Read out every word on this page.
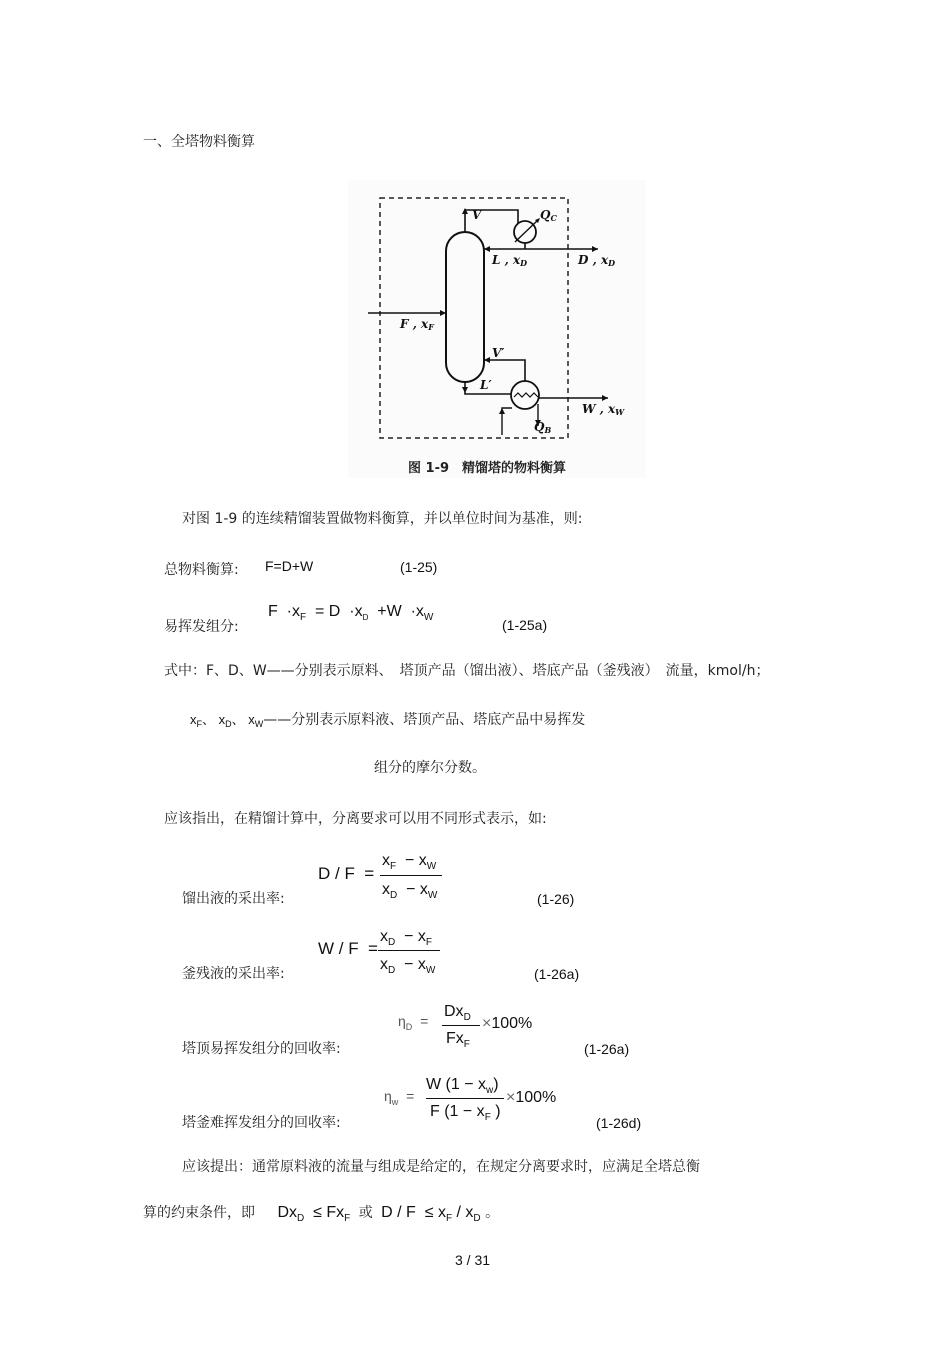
一、全塔物料衡算
V	QC
L , xD	D , xD
F , xF
V′
L′
W , xW
QB
图 1-9　精馏塔的物料衡算
对图 1-9 的连续精馏装置做物料衡算，并以单位时间为基准，则:
总物料衡算: F=D+W	(1-25)
易挥发组分:
$F \cdot x_F = D \cdot x_D +W \cdot x_W$	(1-25a)
式中：F、D、W——分别表示原料、　塔顶产品（馏出液）、塔底产品（釜残液）　流量，kmol/h；
$x_F$、 $x_D$、 $x_W——$分别表示原料液、塔顶产品、塔底产品中易挥发
组分的摩尔分数。
应该指出，在精馏计算中，分离要求可以用不同形式表示，如:
馏出液的采出率:
D / F  =
$x_F - x_W$
$x_D - x_W$	(1-26)
釜残液的采出率:
W / F  =
$x_D - x_F$
$x_D - x_W$	(1-26a)
塔顶易挥发组分的回收率:
$\eta_D$  =
$Dx_D$
$Fx_F$
×100%
(1-26a)
塔釜难挥发组分的回收率:
$\eta_w$  =
W $(1 - x_w)$
F ($1 - x_F$ )
×100%
(1-26d)
应该提出：通常原料液的流量与组成是给定的，在规定分离要求时，应满足全塔总衡
算的约束条件，即 $Dx_D \le Fx_F$ 或 $D / F \le x_F / x_D$ 。
3 / 31
